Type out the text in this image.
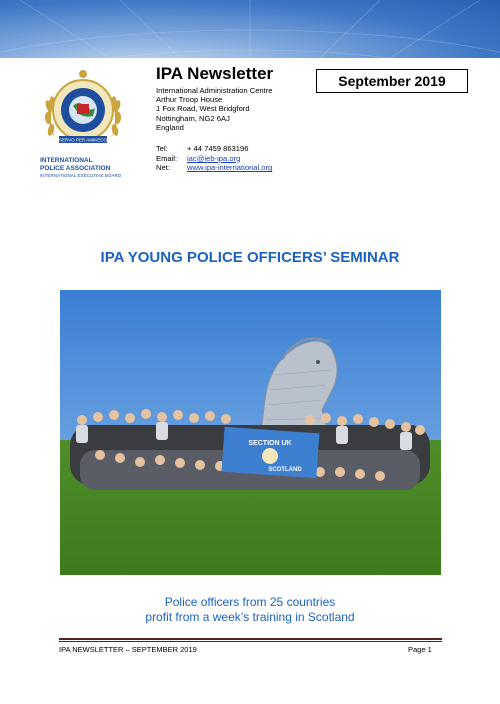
SERVO PER AMIKECO
INTERNATIONAL
POLICE ASSOCIATION
INTERNATIONAL EXECUTIVE BOARD
IPA Newsletter
International Administration Centre
Arthur Troop House
1 Fox Road, West Bridgford
Nottingham, NG2 6AJ
England
Tel:	+ 44 7459 863196
Email: iac@ieb-ipa.org
Net: www.ipa-international.org
September 2019
IPA YOUNG POLICE OFFICERS’ SEMINAR
SECTION UK
SCOTLAND
Police officers from 25 countries
profit from a week’s training in Scotland
IPA NEWSLETTER – SEPTEMBER 2019	Page 1
